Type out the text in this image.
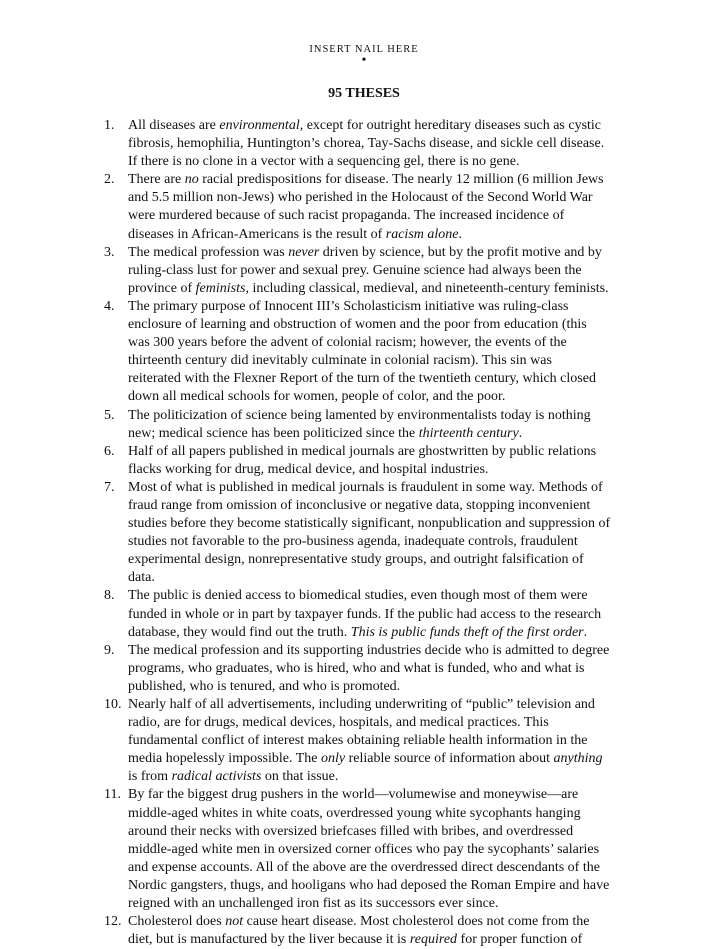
INSERT NAIL HERE
•
95 THESES
1. All diseases are environmental, except for outright hereditary diseases such as cystic
fibrosis, hemophilia, Huntington’s chorea, Tay-Sachs disease, and sickle cell disease.
If there is no clone in a vector with a sequencing gel, there is no gene.
2. There are no racial predispositions for disease. The nearly 12 million (6 million Jews
and 5.5 million non-Jews) who perished in the Holocaust of the Second World War
were murdered because of such racist propaganda. The increased incidence of
diseases in African-Americans is the result of racism alone.
3. The medical profession was never driven by science, but by the profit motive and by
ruling-class lust for power and sexual prey. Genuine science had always been the
province of feminists, including classical, medieval, and nineteenth-century feminists.
4. The primary purpose of Innocent III’s Scholasticism initiative was ruling-class
enclosure of learning and obstruction of women and the poor from education (this
was 300 years before the advent of colonial racism; however, the events of the
thirteenth century did inevitably culminate in colonial racism). This sin was
reiterated with the Flexner Report of the turn of the twentieth century, which closed
down all medical schools for women, people of color, and the poor.
5. The politicization of science being lamented by environmentalists today is nothing
new; medical science has been politicized since the thirteenth century.
6. Half of all papers published in medical journals are ghostwritten by public relations
flacks working for drug, medical device, and hospital industries.
7. Most of what is published in medical journals is fraudulent in some way. Methods of
fraud range from omission of inconclusive or negative data, stopping inconvenient
studies before they become statistically significant, nonpublication and suppression of
studies not favorable to the pro-business agenda, inadequate controls, fraudulent
experimental design, nonrepresentative study groups, and outright falsification of
data.
8. The public is denied access to biomedical studies, even though most of them were
funded in whole or in part by taxpayer funds. If the public had access to the research
database, they would find out the truth. This is public funds theft of the first order.
9. The medical profession and its supporting industries decide who is admitted to degree
programs, who graduates, who is hired, who and what is funded, who and what is
published, who is tenured, and who is promoted.
10. Nearly half of all advertisements, including underwriting of “public” television and
radio, are for drugs, medical devices, hospitals, and medical practices. This
fundamental conflict of interest makes obtaining reliable health information in the
media hopelessly impossible. The only reliable source of information about anything
is from radical activists on that issue.
11. By far the biggest drug pushers in the world—volumewise and moneywise—are
middle-aged whites in white coats, overdressed young white sycophants hanging
around their necks with oversized briefcases filled with bribes, and overdressed
middle-aged white men in oversized corner offices who pay the sycophants’ salaries
and expense accounts. All of the above are the overdressed direct descendants of the
Nordic gangsters, thugs, and hooligans who had deposed the Roman Empire and have
reigned with an unchallenged iron fist as its successors ever since.
12. Cholesterol does not cause heart disease. Most cholesterol does not come from the
diet, but is manufactured by the liver because it is required for proper function of
